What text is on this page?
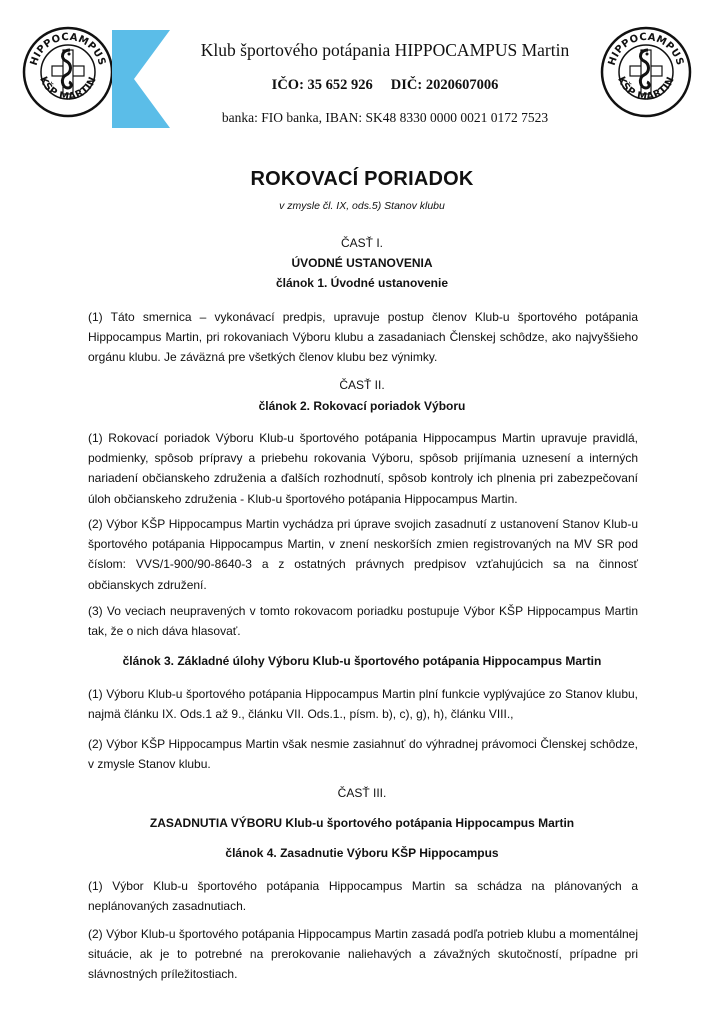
HIPPOCAMPUS
KŠP MARTIN
Klub športového potápania HIPPOCAMPUS Martin
IČO: 35 652 926 DIČ: 2020607006
banka: FIO banka, IBAN: SK48 8330 0000 0021 0172 7523
HIPPOCAMPUS
KŠP MARTIN
ROKOVACÍ PORIADOK
v zmysle čl. IX, ods.5) Stanov klubu
ČASŤ I.
ÚVODNÉ USTANOVENIA
článok 1. Úvodné ustanovenie
(1) Táto smernica – vykonávací predpis, upravuje postup členov Klub-u športového potápania Hippocampus Martin, pri rokovaniach Výboru klubu a zasadaniach Členskej schôdze, ako najvyššieho orgánu klubu. Je záväzná pre všetkých členov klubu bez výnimky.
ČASŤ II.
článok 2. Rokovací poriadok Výboru
(1) Rokovací poriadok Výboru Klub-u športového potápania Hippocampus Martin upravuje pravidlá, podmienky, spôsob prípravy a priebehu rokovania Výboru, spôsob prijímania uznesení a interných nariadení občianskeho združenia a ďalších rozhodnutí, spôsob kontroly ich plnenia pri zabezpečovaní úloh občianskeho združenia - Klub-u športového potápania Hippocampus Martin.
(2) Výbor KŠP Hippocampus Martin vychádza pri úprave svojich zasadnutí z ustanovení Stanov Klub-u športového potápania Hippocampus Martin, v znení neskorších zmien registrovaných na MV SR pod číslom: VVS/1-900/90-8640-3 a z ostatných právnych predpisov vzťahujúcich sa na činnosť občianskych združení.
(3) Vo veciach neupravených v tomto rokovacom poriadku postupuje Výbor KŠP Hippocampus Martin tak, že o nich dáva hlasovať.
článok 3. Základné úlohy Výboru Klub-u športového potápania Hippocampus Martin
(1) Výboru Klub-u športového potápania Hippocampus Martin plní funkcie vyplývajúce zo Stanov klubu, najmä článku IX. Ods.1 až 9., článku VII. Ods.1., písm. b), c), g), h), článku VIII.,
(2) Výbor KŠP Hippocampus Martin však nesmie zasiahnuť do výhradnej právomoci Členskej schôdze, v zmysle Stanov klubu.
ČASŤ III.
ZASADNUTIA VÝBORU Klub-u športového potápania Hippocampus Martin
článok 4. Zasadnutie Výboru KŠP Hippocampus
(1) Výbor Klub-u športového potápania Hippocampus Martin sa schádza na plánovaných a neplánovaných zasadnutiach.
(2) Výbor Klub-u športového potápania Hippocampus Martin zasadá podľa potrieb klubu a momentálnej situácie, ak je to potrebné na prerokovanie naliehavých a závažných skutočností, prípadne pri slávnostných príležitostiach.
